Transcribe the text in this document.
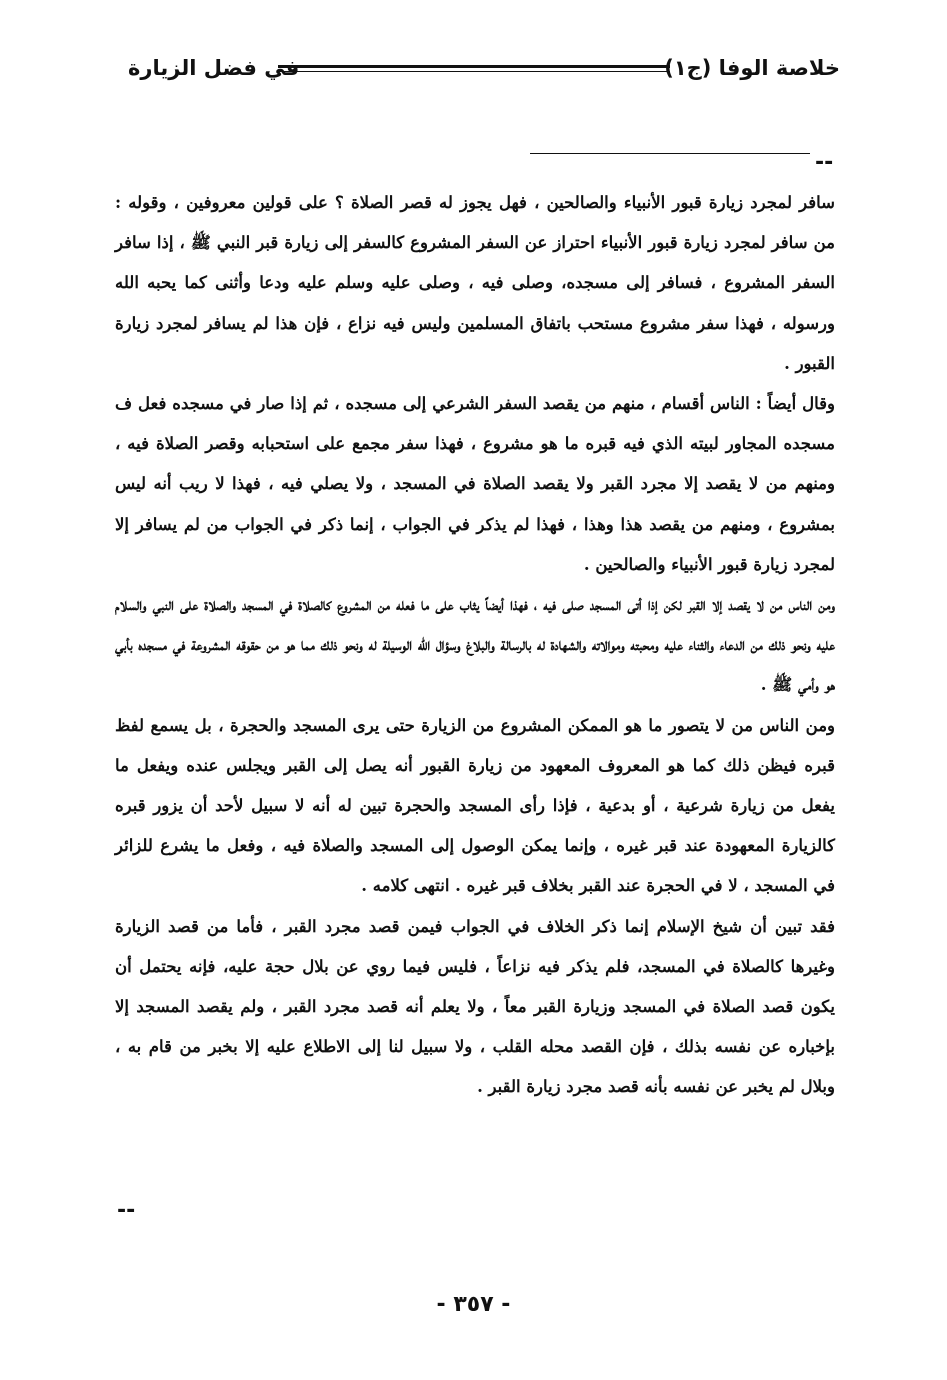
في فضل الزيارة	خلاصة الوفا (ج١)
--

سافر لمجرد زيارة قبور الأنبياء والصالحين ، فهل يجوز له قصر الصلاة ؟ على قولين معروفين ، وقوله : من سافر لمجرد زيارة قبور الأنبياء احتراز عن السفر المشروع كالسفر إلى زيارة قبر النبي ﷺ ، إذا سافر السفر المشروع ، فسافر إلى مسجده، وصلى فيه ، وصلى عليه وسلم عليه ودعا وأثنى كما يحبه الله ورسوله ، فهذا سفر مشروع مستحب باتفاق المسلمين وليس فيه نزاع ، فإن هذا لم يسافر لمجرد زيارة القبور .

وقال أيضاً : الناس أقسام ، منهم من يقصد السفر الشرعي إلى مسجده ، ثم إذا صار في مسجده فعل ف مسجده المجاور لبيته الذي فيه قبره ما هو مشروع ، فهذا سفر مجمع على استحبابه وقصر الصلاة فيه ، ومنهم من لا يقصد إلا مجرد القبر ولا يقصد الصلاة في المسجد ، ولا يصلي فيه ، فهذا لا ريب أنه ليس بمشروع ، ومنهم من يقصد هذا وهذا ، فهذا لم يذكر في الجواب ، إنما ذكر في الجواب من لم يسافر إلا لمجرد زيارة قبور الأنبياء والصالحين .

ومن الناس من لا يقصد إلا القبر لكن إذا أتى المسجد صلى فيه ، فهذا أيضاً يثاب على ما فعله من المشروع كالصلاة في المسجد والصلاة على النبي والسلام عليه ونحو ذلك من الدعاء والثناء عليه ومحبته وموالاته والشهادة له بالرسالة والبلاغ وسؤال الله الوسيلة له ونحو ذلك مما هو من حقوقه المشروعة في مسجده بأبي هو وأمي ﷺ .

ومن الناس من لا يتصور ما هو الممكن المشروع من الزيارة حتى يرى المسجد والحجرة ، بل يسمع لفظ قبره فيظن ذلك كما هو المعروف المعهود من زيارة القبور أنه يصل إلى القبر ويجلس عنده ويفعل ما يفعل من زيارة شرعية ، أو بدعية ، فإذا رأى المسجد والحجرة تبين له أنه لا سبيل لأحد أن يزور قبره كالزيارة المعهودة عند قبر غيره ، وإنما يمكن الوصول إلى المسجد والصلاة فيه ، وفعل ما يشرع للزائر في المسجد ، لا في الحجرة عند القبر بخلاف قبر غيره . انتهى كلامه .

فقد تبين أن شيخ الإسلام إنما ذكر الخلاف في الجواب فيمن قصد مجرد القبر ، فأما من قصد الزيارة وغيرها كالصلاة في المسجد، فلم يذكر فيه نزاعاً ، فليس فيما روي عن بلال حجة عليه، فإنه يحتمل أن يكون قصد الصلاة في المسجد وزيارة القبر معاً ، ولا يعلم أنه قصد مجرد القبر ، ولم يقصد المسجد إلا بإخباره عن نفسه بذلك ، فإن القصد محله القلب ، ولا سبيل لنا إلى الاطلاع عليه إلا بخبر من قام به ، وبلال لم يخبر عن نفسه بأنه قصد مجرد زيارة القبر .

--
- ٣٥٧ -
